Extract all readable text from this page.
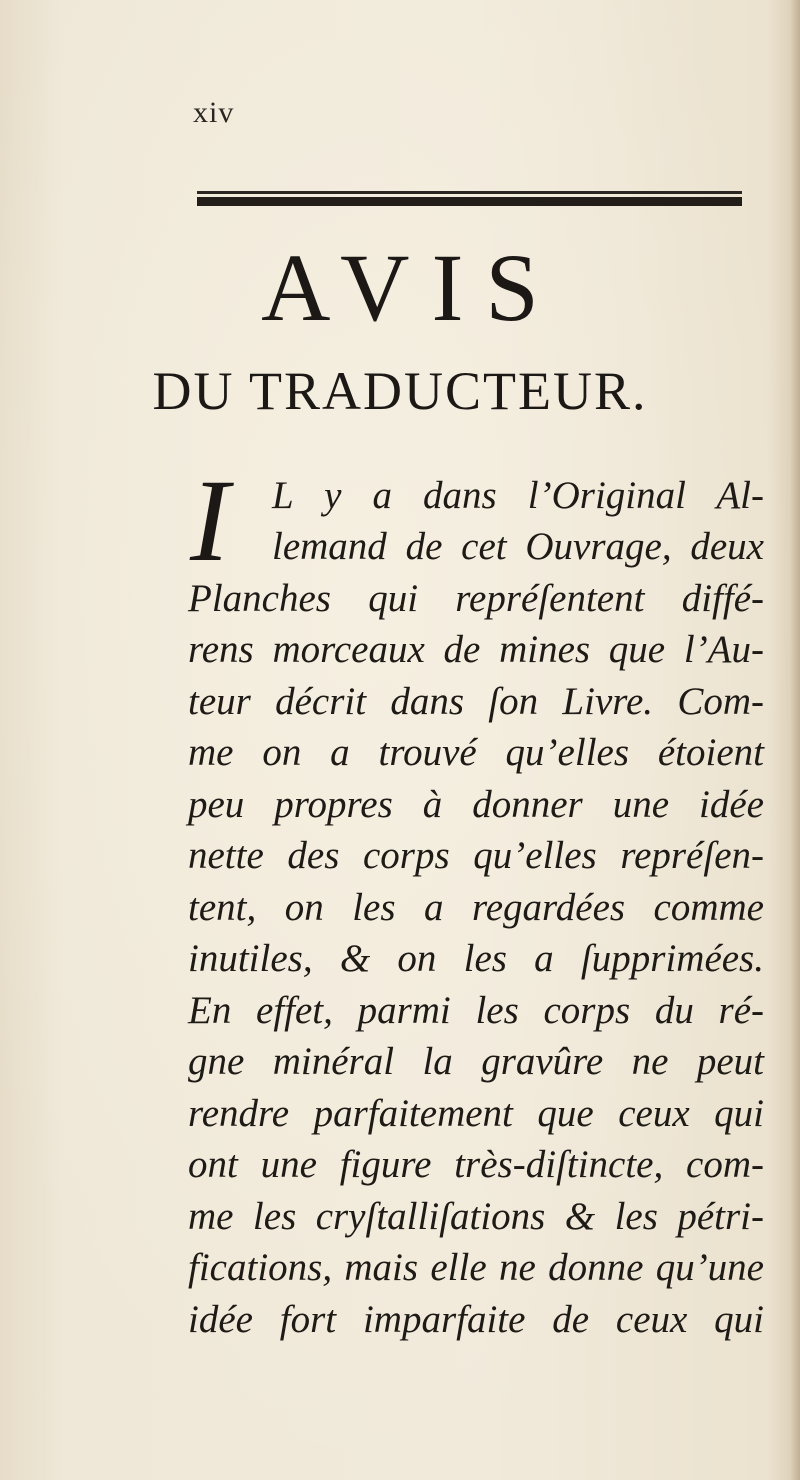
xiv
AVIS
DU TRADUCTEUR.
I L y a dans l’Original Al-
lemand de cet Ouvrage, deux
Planches qui repréſentent diffé-
rens morceaux de mines que l’Au-
teur décrit dans ſon Livre. Com-
me on a trouvé qu’elles étoient
peu propres à donner une idée
nette des corps qu’elles repréſen-
tent, on les a regardées comme
inutiles, & on les a ſupprimées.
En effet, parmi les corps du ré-
gne minéral la gravûre ne peut
rendre parfaitement que ceux qui
ont une figure très-diſtincte, com-
me les cryſtalliſations & les pétri-
fications, mais elle ne donne qu’une
idée fort imparfaite de ceux qui
